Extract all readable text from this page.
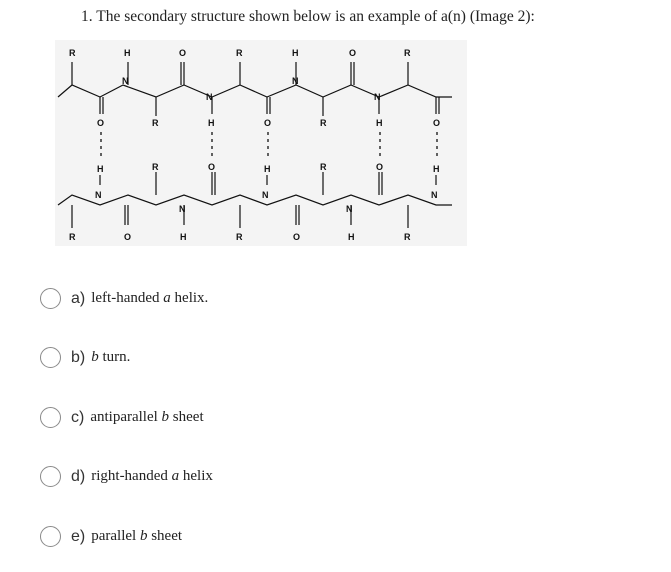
1. The secondary structure shown below is an example of a(n) (Image 2):
R	H
N
O	R	H
N
O	R
R
N
H	R
N
H
O	O	O
H
N
R	O	H
N
R	O	H
N
R	O
N
H	R	O
N
H	R
a) left-handed a helix.
b) b turn.
c) antiparallel b sheet
d) right-handed a helix
e) parallel b sheet
